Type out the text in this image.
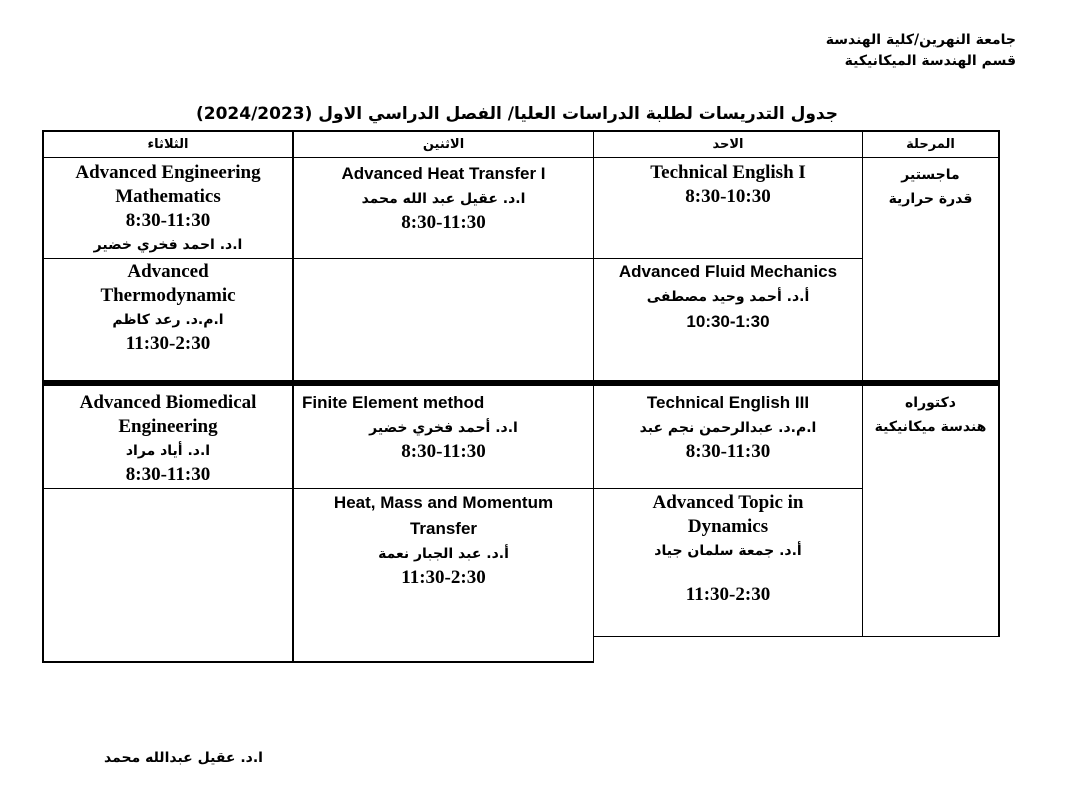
جامعة النهرين/كلية الهندسة
قسم الهندسة الميكانيكية
جدول التدريسات لطلبة الدراسات العليا/ الفصل الدراسي الاول (2024/2023)
المرحلة
الاحد
الاثنين
الثلاثاء
ماجستير
قدرة حرارية
Technical English I
8:30-10:30
Advanced Fluid Mechanics
أ.د. أحمد وحيد مصطفى
10:30-1:30
Advanced Heat Transfer I
ا.د. عقيل عبد الله محمد
8:30-11:30
Advanced Engineering
Mathematics
8:30-11:30
ا.د. احمد فخري خضير
Advanced
Thermodynamic
ا.م.د. رعد كاظم
11:30-2:30
دكتوراه
هندسة ميكانيكية
Technical English III
ا.م.د. عبدالرحمن نجم عبد
8:30-11:30
Advanced Topic in
Dynamics
أ.د. جمعة سلمان جياد
11:30-2:30
Finite Element method
ا.د. أحمد فخري خضير
8:30-11:30
Heat, Mass and Momentum
Transfer
أ.د. عبد الجبار نعمة
11:30-2:30
Advanced Biomedical
Engineering
ا.د. أياد مراد
8:30-11:30
ا.د. عقيل عبدالله محمد
